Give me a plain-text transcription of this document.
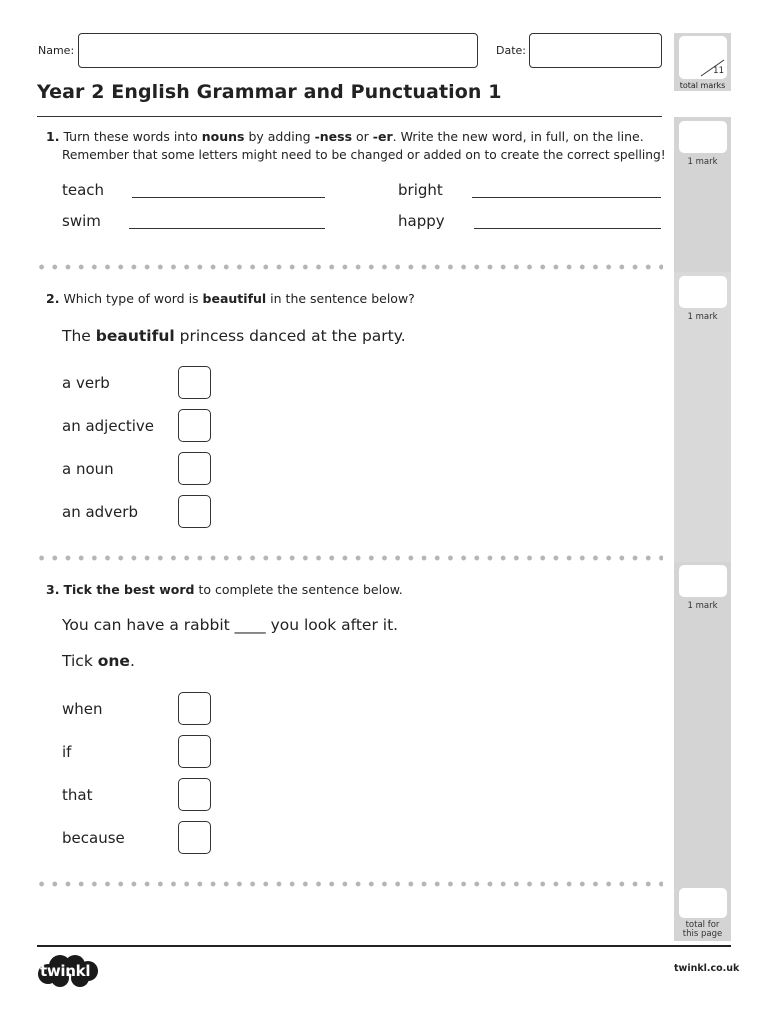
Name:	Date:
11
total marks
Year 2 English Grammar and Punctuation 1
1 mark
1 mark
1 mark
total for
this page
1. Turn these words into nouns by adding -ness or -er. Write the new word, in full, on the line.
Remember that some letters might need to be changed or added on to create the correct spelling!
teach	bright
swim	happy
2. Which type of word is beautiful in the sentence below?
The beautiful princess danced at the party.
a verb
an adjective
a noun
an adverb
3. Tick the best word to complete the sentence below.
You can have a rabbit ____ you look after it.
Tick one.
when
if
that
because
twinkl	twinkl.co.uk
